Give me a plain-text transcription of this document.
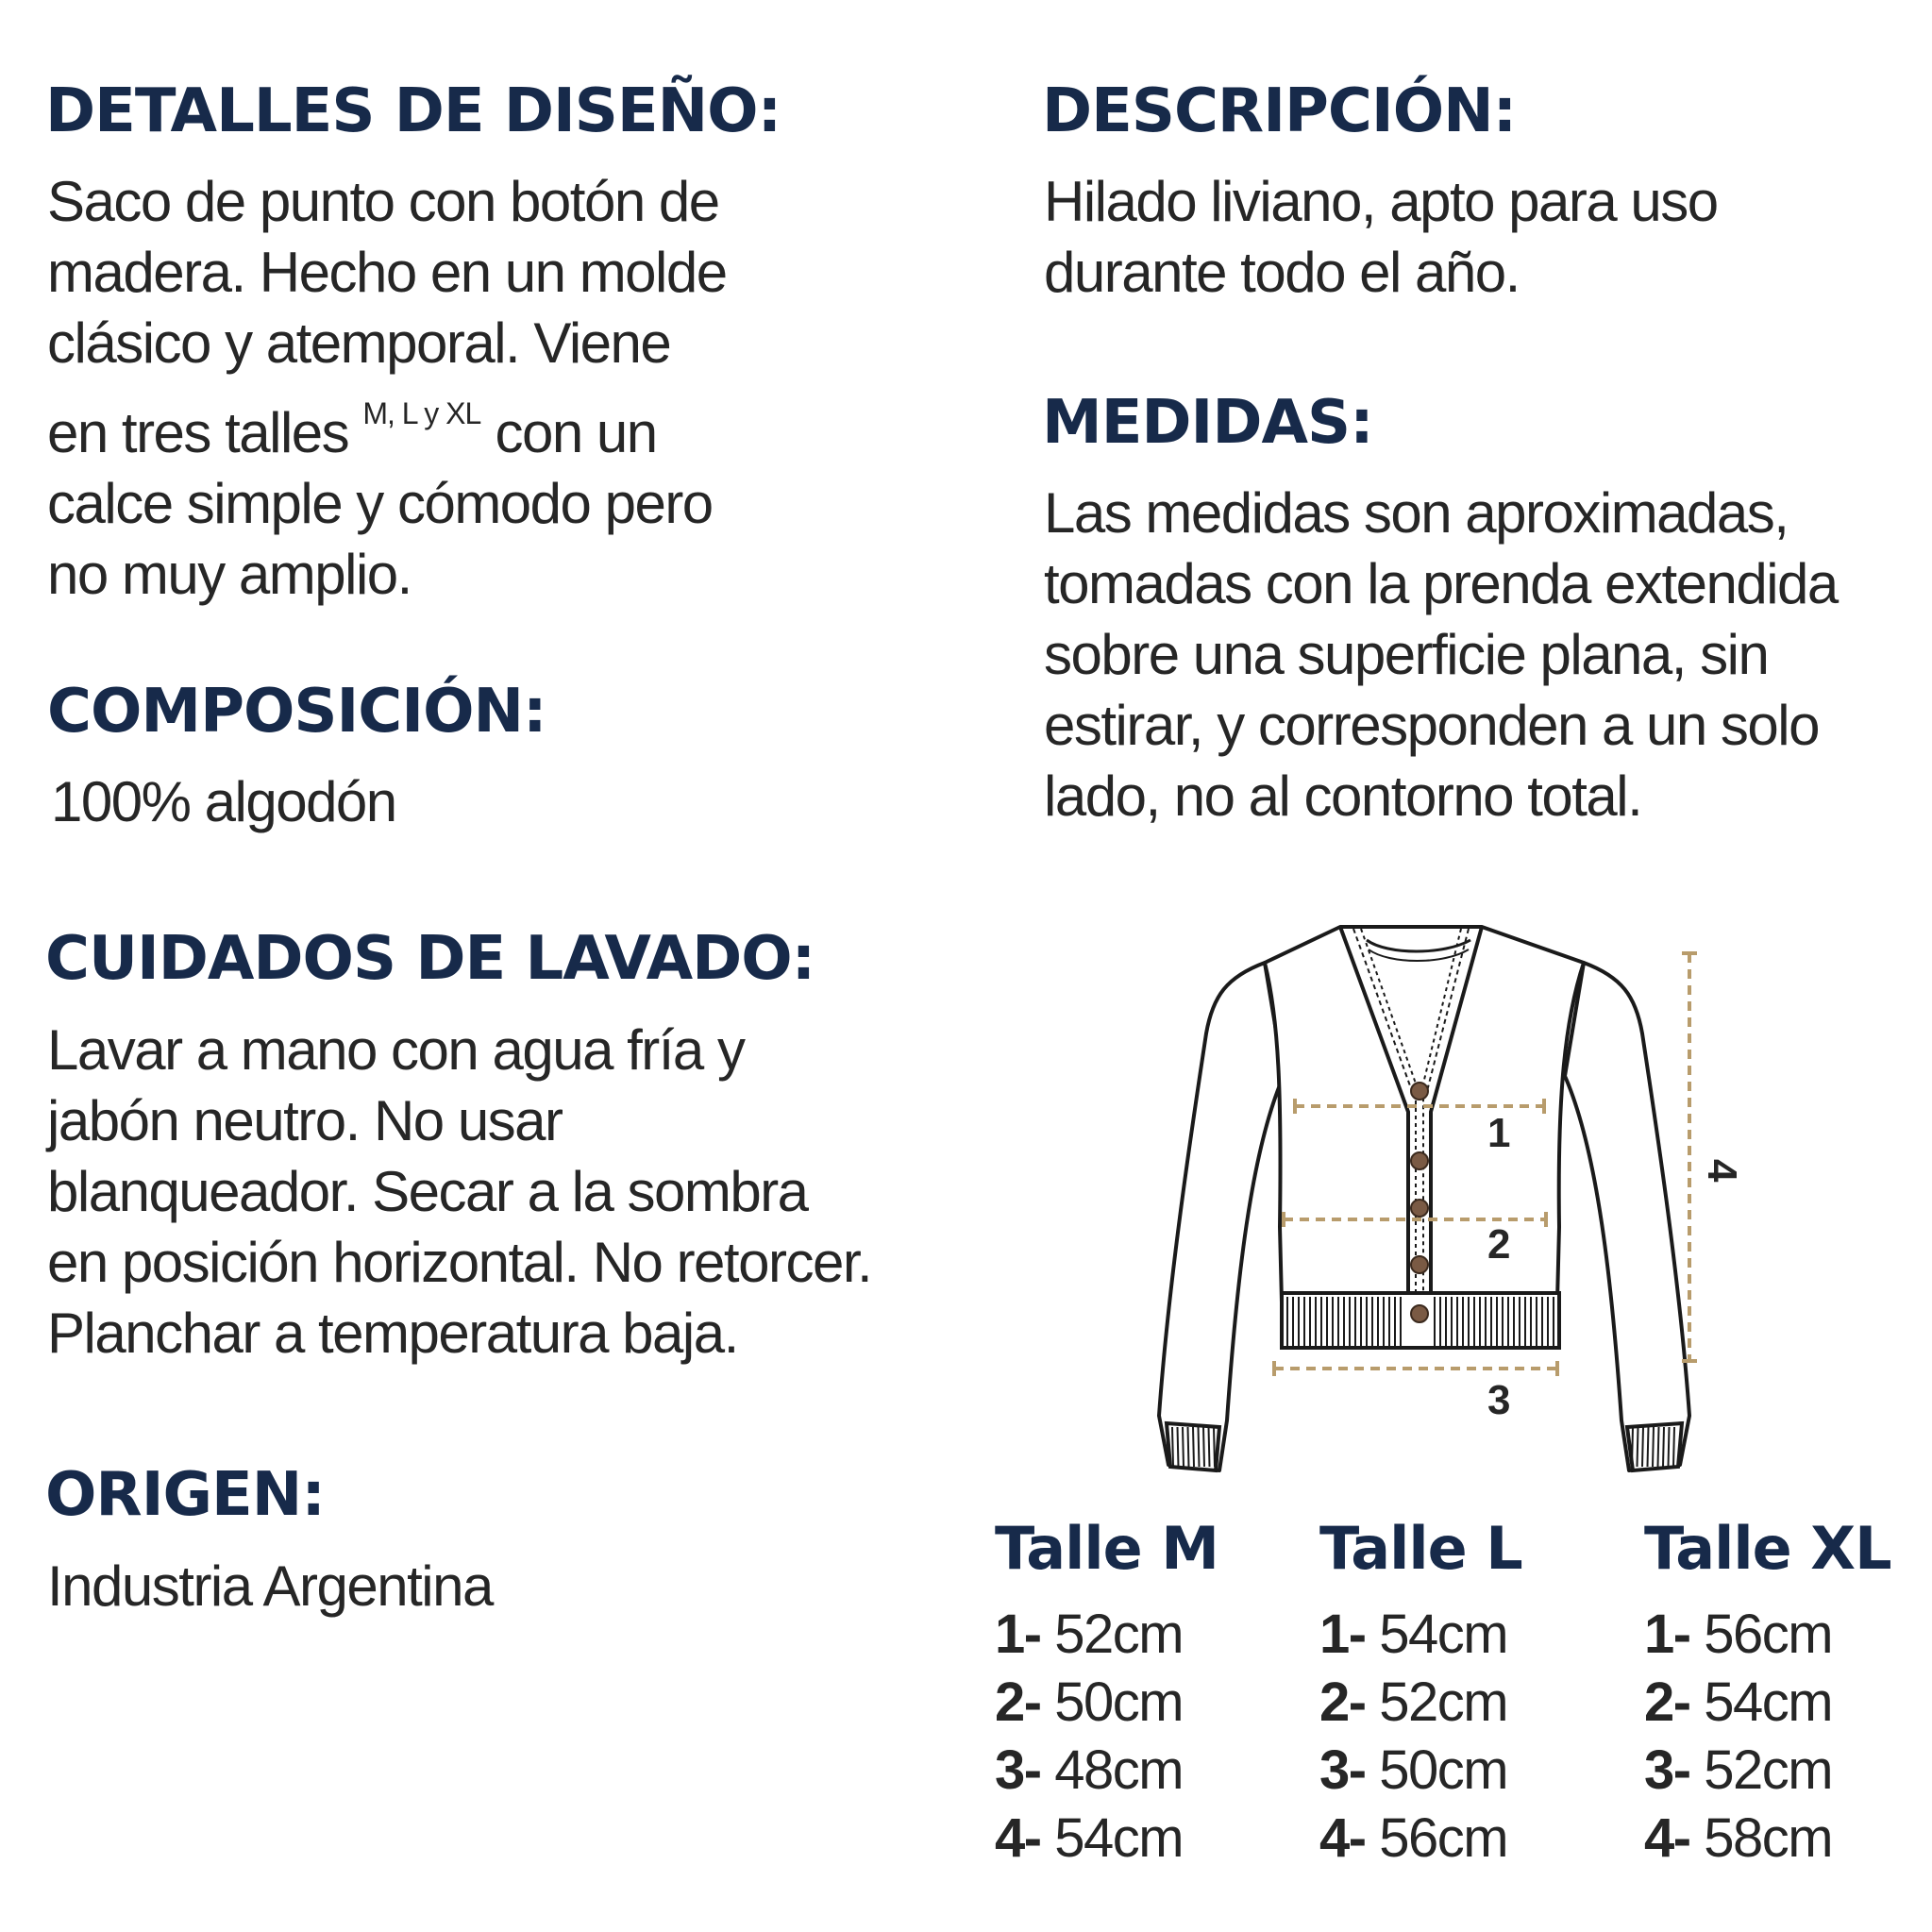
DETALLES DE DISEÑO:

Saco de punto con botón de
madera. Hecho en un molde
clásico y atemporal. Viene
en tres talles $^{M, L y XL}$ con un
calce simple y cómodo pero
no muy amplio.

COMPOSICIÓN:

100% algodón

CUIDADOS DE LAVADO:

Lavar a mano con agua fría y
jabón neutro. No usar
blanqueador. Secar a la sombra
en posición horizontal. No retorcer.
Planchar a temperatura baja.

ORIGEN:

Industria Argentina

DESCRIPCIÓN:

Hilado liviano, apto para uso
durante todo el año.

MEDIDAS:

Las medidas son aproximadas,
tomadas con la prenda extendida
sobre una superficie plana, sin
estirar, y corresponden a un solo
lado, no al contorno total.

1
2
3
4
Talle M
1- 52cm
2- 50cm
3- 48cm
4- 54cm
Talle L
1- 54cm
2- 52cm
3- 50cm
4- 56cm
Talle XL
1- 56cm
2- 54cm
3- 52cm
4- 58cm
